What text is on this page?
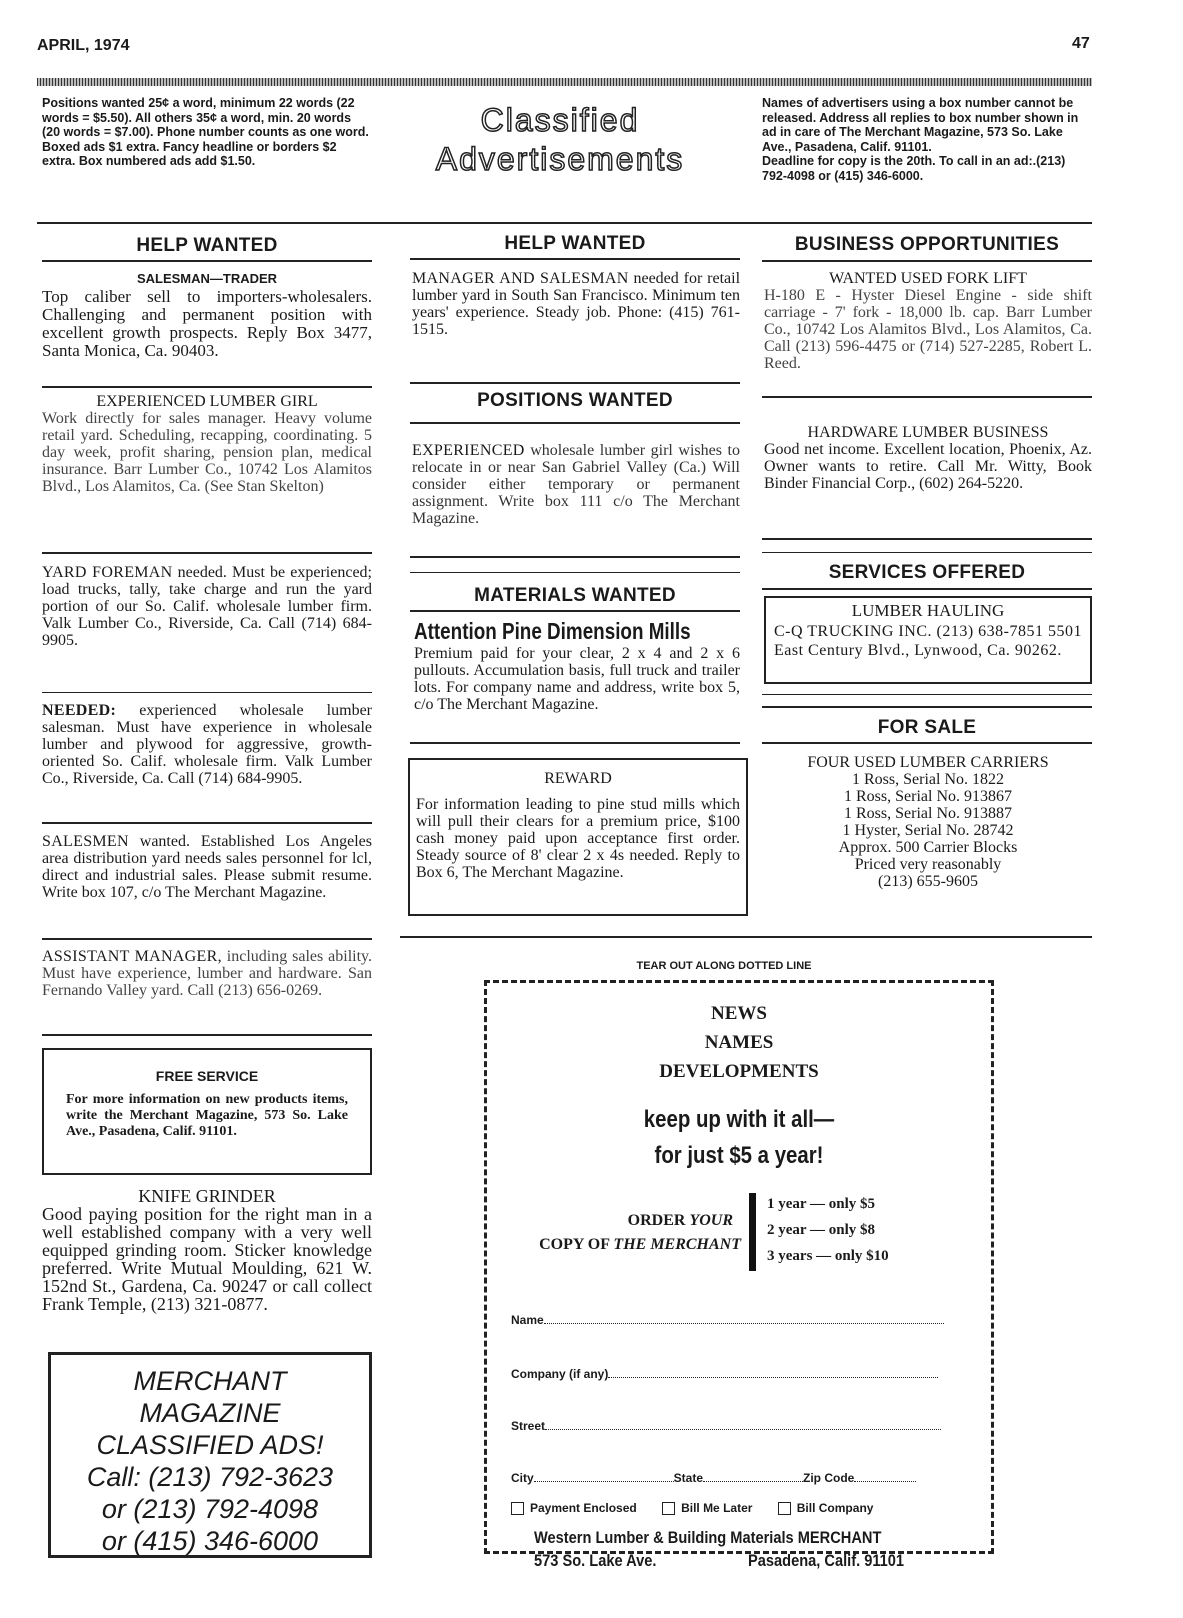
APRIL, 1974	47
Positions wanted 25¢ a word, minimum 22 words (22 words = $5.50). All others 35¢ a word, min. 20 words (20 words = $7.00). Phone number counts as one word. Boxed ads $1 extra. Fancy headline or borders $2 extra. Box numbered ads add $1.50.
Classified
Advertisements
Names of advertisers using a box number cannot be released. Address all replies to box number shown in ad in care of The Merchant Magazine, 573 So. Lake Ave., Pasadena, Calif. 91101.
Deadline for copy is the 20th. To call in an ad:.(213) 792-4098 or (415) 346-6000.
HELP WANTED
SALESMAN—TRADER
Top caliber sell to importers-wholesalers. Challenging and permanent position with excellent growth prospects. Reply Box 3477, Santa Monica, Ca. 90403.
EXPERIENCED LUMBER GIRL
Work directly for sales manager. Heavy volume retail yard. Scheduling, recapping, coordinating. 5 day week, profit sharing, pension plan, medical insurance. Barr Lumber Co., 10742 Los Alamitos Blvd., Los Alamitos, Ca. (See Stan Skelton)
YARD FOREMAN needed. Must be experienced; load trucks, tally, take charge and run the yard portion of our So. Calif. wholesale lumber firm. Valk Lumber Co., Riverside, Ca. Call (714) 684-9905.
NEEDED: experienced wholesale lumber salesman. Must have experience in wholesale lumber and plywood for aggressive, growth-oriented So. Calif. wholesale firm. Valk Lumber Co., Riverside, Ca. Call (714) 684-9905.
SALESMEN wanted. Established Los Angeles area distribution yard needs sales personnel for lcl, direct and industrial sales. Please submit resume. Write box 107, c/o The Merchant Magazine.
ASSISTANT MANAGER, including sales ability. Must have experience, lumber and hardware. San Fernando Valley yard. Call (213) 656-0269.
FREE SERVICE
For more information on new products items, write the Merchant Magazine, 573 So. Lake Ave., Pasadena, Calif. 91101.
KNIFE GRINDER
Good paying position for the right man in a well established company with a very well equipped grinding room. Sticker knowledge preferred. Write Mutual Moulding, 621 W. 152nd St., Gardena, Ca. 90247 or call collect Frank Temple, (213) 321-0877.
MERCHANT
MAGAZINE
CLASSIFIED ADS!
Call: (213) 792-3623
or (213) 792-4098
or (415) 346-6000
HELP WANTED
MANAGER AND SALESMAN needed for retail lumber yard in South San Francisco. Minimum ten years' experience. Steady job. Phone: (415) 761-1515.
POSITIONS WANTED
EXPERIENCED wholesale lumber girl wishes to relocate in or near San Gabriel Valley (Ca.) Will consider either temporary or permanent assignment. Write box 111 c/o The Merchant Magazine.
MATERIALS WANTED
Attention Pine Dimension Mills
Premium paid for your clear, 2 x 4 and 2 x 6 pullouts. Accumulation basis, full truck and trailer lots. For company name and address, write box 5, c/o The Merchant Magazine.
REWARD
For information leading to pine stud mills which will pull their clears for a premium price, $100 cash money paid upon acceptance first order. Steady source of 8' clear 2 x 4s needed. Reply to Box 6, The Merchant Magazine.
BUSINESS OPPORTUNITIES
WANTED USED FORK LIFT
H-180 E - Hyster Diesel Engine - side shift carriage - 7' fork - 18,000 lb. cap. Barr Lumber Co., 10742 Los Alamitos Blvd., Los Alamitos, Ca. Call (213) 596-4475 or (714) 527-2285, Robert L. Reed.
HARDWARE LUMBER BUSINESS
Good net income. Excellent location, Phoenix, Az. Owner wants to retire. Call Mr. Witty, Book Binder Financial Corp., (602) 264-5220.
SERVICES OFFERED
LUMBER HAULING
C-Q TRUCKING INC. (213) 638-7851 5501 East Century Blvd., Lynwood, Ca. 90262.
FOR SALE
FOUR USED LUMBER CARRIERS
1 Ross, Serial No. 1822
1 Ross, Serial No. 913867
1 Ross, Serial No. 913887
1 Hyster, Serial No. 28742
Approx. 500 Carrier Blocks
Priced very reasonably
(213) 655-9605
TEAR OUT ALONG DOTTED LINE
NEWS
NAMES
DEVELOPMENTS
keep up with it all—
for just $5 a year!
ORDER YOUR
COPY OF THE MERCHANT
1 year — only $5
2 year — only $8
3 years — only $10
Name
Company (if any)
Street
City	State	Zip Code
Payment Enclosed	Bill Me Later	Bill Company
Western Lumber & Building Materials MERCHANT
573 So. Lake Ave.	Pasadena, Calif. 91101
